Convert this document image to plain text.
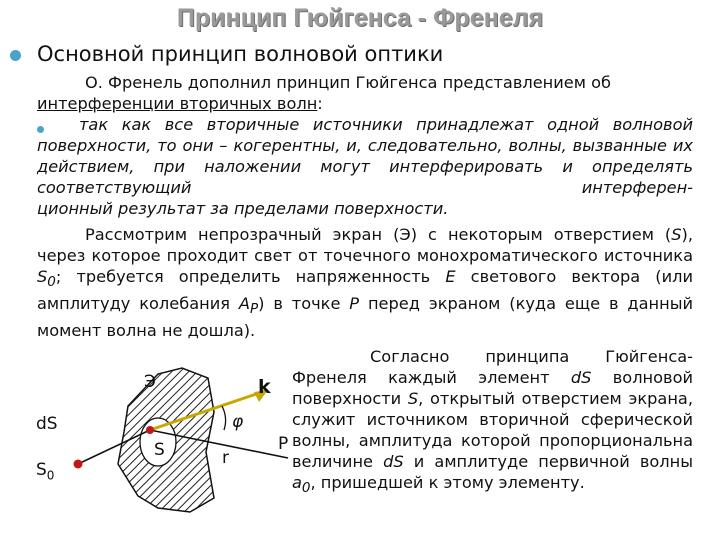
Принцип Гюйгенса - Френеля
Основной принцип волновой оптики

О. Френель дополнил принцип Гюйгенса представлением об интерференции вторичных волн:

так как все вторичные источники принадлежат одной волновой поверхности, то они – когерентны, и, следовательно, волны, вызванные их действием, при наложении могут интерферировать и определять соответствующий интерферен-
ционный результат за пределами поверхности.

Рассмотрим непрозрачный экран (Э) с некоторым отверстием (S), через которое проходит свет от точечного монохроматического источника $S_0$; требуется определить напряженность E светового вектора (или амплитуду колебания $A_P$) в точке P перед экраном (куда еще в данный момент волна не дошла).

Согласно принципа Гюйгенса-Френеля каждый элемент dS волновой поверхности S, открытый отверстием экрана, служит источником вторичной сферической волны, амплитуда которой пропорциональна величине dS и амплитуде первичной волны $a_0$, пришедшей к этому элементу.

Э	k
φ
dS
S	r
P
$S_0$
